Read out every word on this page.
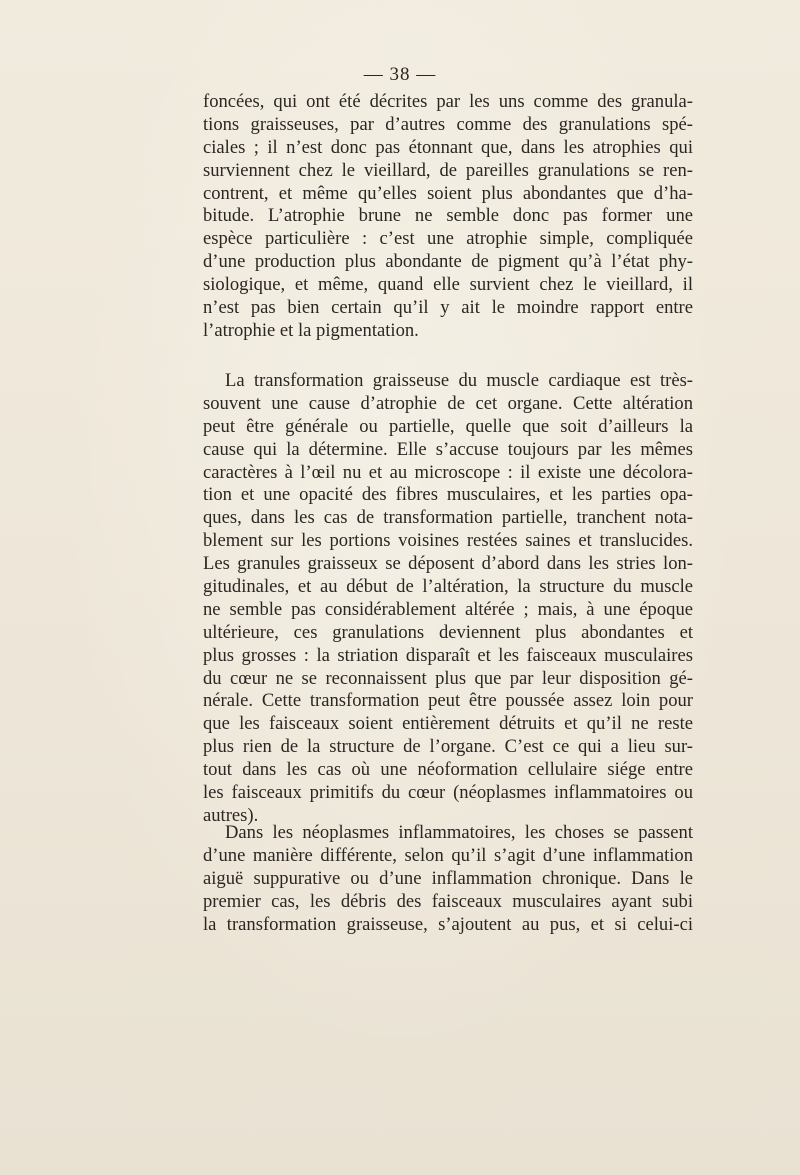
— 38 —
foncées, qui ont été décrites par les uns comme des granula-
tions graisseuses, par d’autres comme des granulations spé-
ciales ; il n’est donc pas étonnant que, dans les atrophies qui
surviennent chez le vieillard, de pareilles granulations se ren-
contrent, et même qu’elles soient plus abondantes que d’ha-
bitude. L’atrophie brune ne semble donc pas former une
espèce particulière : c’est une atrophie simple, compliquée
d’une production plus abondante de pigment qu’à l’état phy-
siologique, et même, quand elle survient chez le vieillard, il
n’est pas bien certain qu’il y ait le moindre rapport entre
l’atrophie et la pigmentation.
La transformation graisseuse du muscle cardiaque est très-
souvent une cause d’atrophie de cet organe. Cette altération
peut être générale ou partielle, quelle que soit d’ailleurs la
cause qui la détermine. Elle s’accuse toujours par les mêmes
caractères à l’œil nu et au microscope : il existe une décolora-
tion et une opacité des fibres musculaires, et les parties opa-
ques, dans les cas de transformation partielle, tranchent nota-
blement sur les portions voisines restées saines et translucides.
Les granules graisseux se déposent d’abord dans les stries lon-
gitudinales, et au début de l’altération, la structure du muscle
ne semble pas considérablement altérée ; mais, à une époque
ultérieure, ces granulations deviennent plus abondantes et
plus grosses : la striation disparaît et les faisceaux musculaires
du cœur ne se reconnaissent plus que par leur disposition gé-
nérale. Cette transformation peut être poussée assez loin pour
que les faisceaux soient entièrement détruits et qu’il ne reste
plus rien de la structure de l’organe. C’est ce qui a lieu sur-
tout dans les cas où une néoformation cellulaire siége entre
les faisceaux primitifs du cœur (néoplasmes inflammatoires ou
autres).
Dans les néoplasmes inflammatoires, les choses se passent
d’une manière différente, selon qu’il s’agit d’une inflammation
aiguë suppurative ou d’une inflammation chronique. Dans le
premier cas, les débris des faisceaux musculaires ayant subi
la transformation graisseuse, s’ajoutent au pus, et si celui-ci
